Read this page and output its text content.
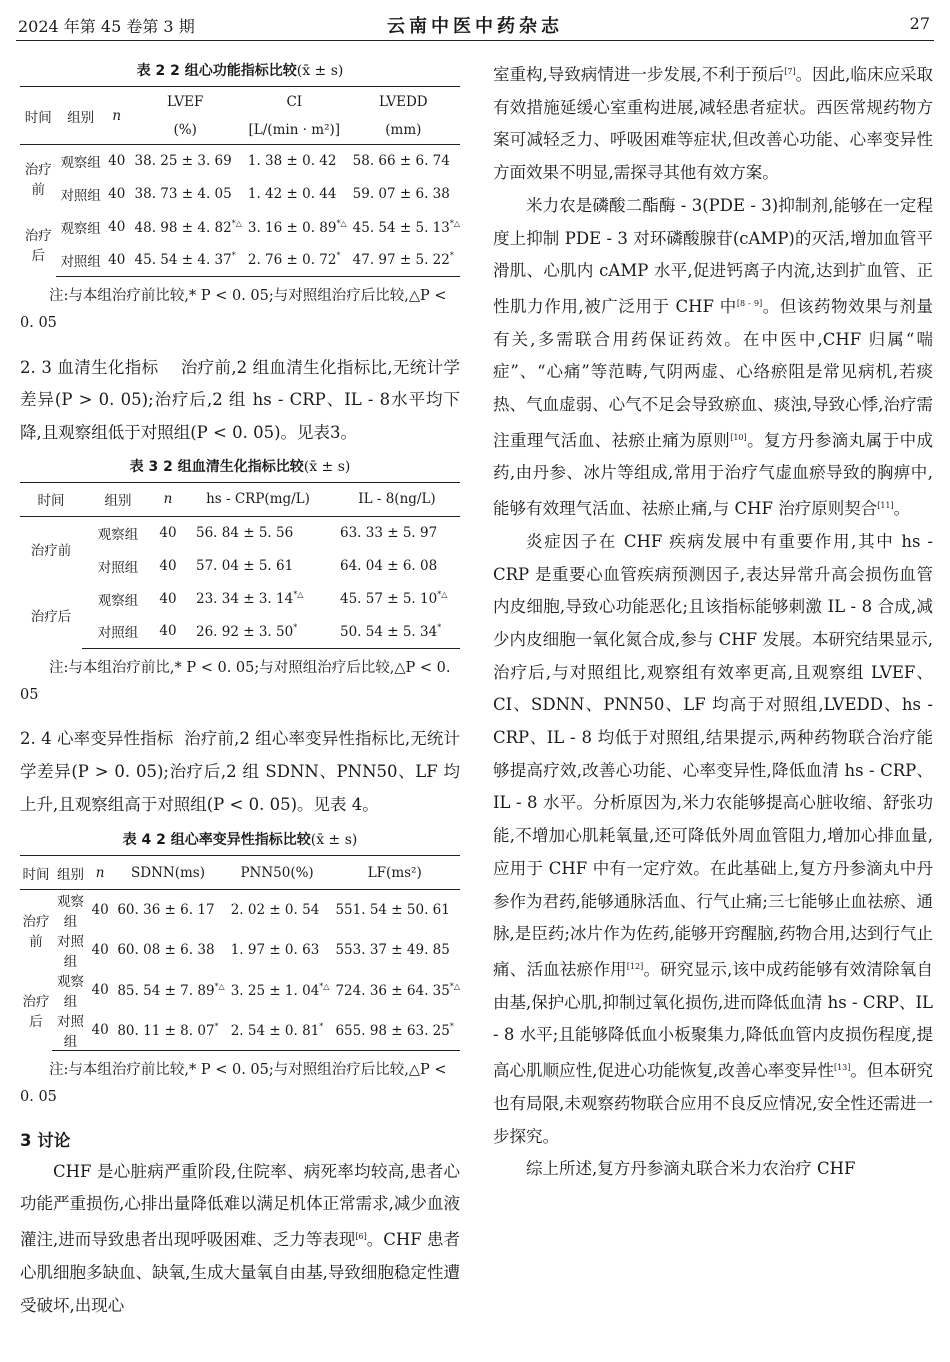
2024 年第 45 卷第 3 期	云南中医中药杂志	27
表 2 2 组心功能指标比较(x̄ ± s)
时间	组别	n	LVEF	CI	LVEDD
			(%)	[L/(min · m²)]	(mm)
治疗前	观察组	40	38. 25 ± 3. 69	1. 38 ± 0. 42	58. 66 ± 6. 74
	对照组	40	38. 73 ± 4. 05	1. 42 ± 0. 44	59. 07 ± 6. 38
治疗后	观察组	40	48. 98 ± 4. 82*△	3. 16 ± 0. 89*△	45. 54 ± 5. 13*△
	对照组	40	45. 54 ± 4. 37*	2. 76 ± 0. 72*	47. 97 ± 5. 22*

注:与本组治疗前比较,* P < 0. 05;与对照组治疗后比较,△P < 0. 05

2. 3 血清生化指标 治疗前,2 组血清生化指标比,无统计学差异(P > 0. 05);治疗后,2 组 hs - CRP、IL - 8水平均下降,且观察组低于对照组(P < 0. 05)。见表3。

表 3 2 组血清生化指标比较(x̄ ± s)
时间	组别	n	hs - CRP(mg/L)	IL - 8(ng/L)
治疗前	观察组	40	56. 84 ± 5. 56	63. 33 ± 5. 97
	对照组	40	57. 04 ± 5. 61	64. 04 ± 6. 08
治疗后	观察组	40	23. 34 ± 3. 14*△	45. 57 ± 5. 10*△
	对照组	40	26. 92 ± 3. 50*	50. 54 ± 5. 34*

注:与本组治疗前比,* P < 0. 05;与对照组治疗后比较,△P < 0. 05

2. 4 心率变异性指标 治疗前,2 组心率变异性指标比,无统计学差异(P > 0. 05);治疗后,2 组 SDNN、PNN50、LF 均上升,且观察组高于对照组(P < 0. 05)。见表 4。

表 4 2 组心率变异性指标比较(x̄ ± s)
时间	组别	n	SDNN(ms)	PNN50(%)	LF(ms²)
治疗前	观察组	40	60. 36 ± 6. 17	2. 02 ± 0. 54	551. 54 ± 50. 61
	对照组	40	60. 08 ± 6. 38	1. 97 ± 0. 63	553. 37 ± 49. 85
治疗后	观察组	40	85. 54 ± 7. 89*△	3. 25 ± 1. 04*△	724. 36 ± 64. 35*△
	对照组	40	80. 11 ± 8. 07*	2. 54 ± 0. 81*	655. 98 ± 63. 25*

注:与本组治疗前比较,* P < 0. 05;与对照组治疗后比较,△P < 0. 05

3 讨论

CHF 是心脏病严重阶段,住院率、病死率均较高,患者心功能严重损伤,心排出量降低难以满足机体正常需求,减少血液灌注,进而导致患者出现呼吸困难、乏力等表现[6]。CHF 患者心肌细胞多缺血、缺氧,生成大量氧自由基,导致细胞稳定性遭受破坏,出现心

室重构,导致病情进一步发展,不利于预后[7]。因此,临床应采取有效措施延缓心室重构进展,减轻患者症状。西医常规药物方案可减轻乏力、呼吸困难等症状,但改善心功能、心率变异性方面效果不明显,需探寻其他有效方案。

米力农是磷酸二酯酶 - 3(PDE - 3)抑制剂,能够在一定程度上抑制 PDE - 3 对环磷酸腺苷(cAMP)的灭活,增加血管平滑肌、心肌内 cAMP 水平,促进钙离子内流,达到扩血管、正性肌力作用,被广泛用于 CHF 中[8 - 9]。但该药物效果与剂量有关,多需联合用药保证药效。在中医中,CHF 归属“喘症”、“心痛”等范畴,气阴两虚、心络瘀阻是常见病机,若痰热、气血虚弱、心气不足会导致瘀血、痰浊,导致心悸,治疗需注重理气活血、祛瘀止痛为原则[10]。复方丹参滴丸属于中成药,由丹参、冰片等组成,常用于治疗气虚血瘀导致的胸痹中,能够有效理气活血、祛瘀止痛,与 CHF 治疗原则契合[11]。

炎症因子在 CHF 疾病发展中有重要作用,其中 hs - CRP 是重要心血管疾病预测因子,表达异常升高会损伤血管内皮细胞,导致心功能恶化;且该指标能够刺激 IL - 8 合成,减少内皮细胞一氧化氮合成,参与 CHF 发展。本研究结果显示,治疗后,与对照组比,观察组有效率更高,且观察组 LVEF、CI、SDNN、PNN50、LF 均高于对照组,LVEDD、hs - CRP、IL - 8 均低于对照组,结果提示,两种药物联合治疗能够提高疗效,改善心功能、心率变异性,降低血清 hs - CRP、IL - 8 水平。分析原因为,米力农能够提高心脏收缩、舒张功能,不增加心肌耗氧量,还可降低外周血管阻力,增加心排血量,应用于 CHF 中有一定疗效。在此基础上,复方丹参滴丸中丹参作为君药,能够通脉活血、行气止痛;三七能够止血祛瘀、通脉,是臣药;冰片作为佐药,能够开窍醒脑,药物合用,达到行气止痛、活血祛瘀作用[12]。研究显示,该中成药能够有效清除氧自由基,保护心肌,抑制过氧化损伤,进而降低血清 hs - CRP、IL - 8 水平;且能够降低血小板聚集力,降低血管内皮损伤程度,提高心肌顺应性,促进心功能恢复,改善心率变异性[13]。但本研究也有局限,未观察药物联合应用不良反应情况,安全性还需进一步探究。

综上所述,复方丹参滴丸联合米力农治疗 CHF
